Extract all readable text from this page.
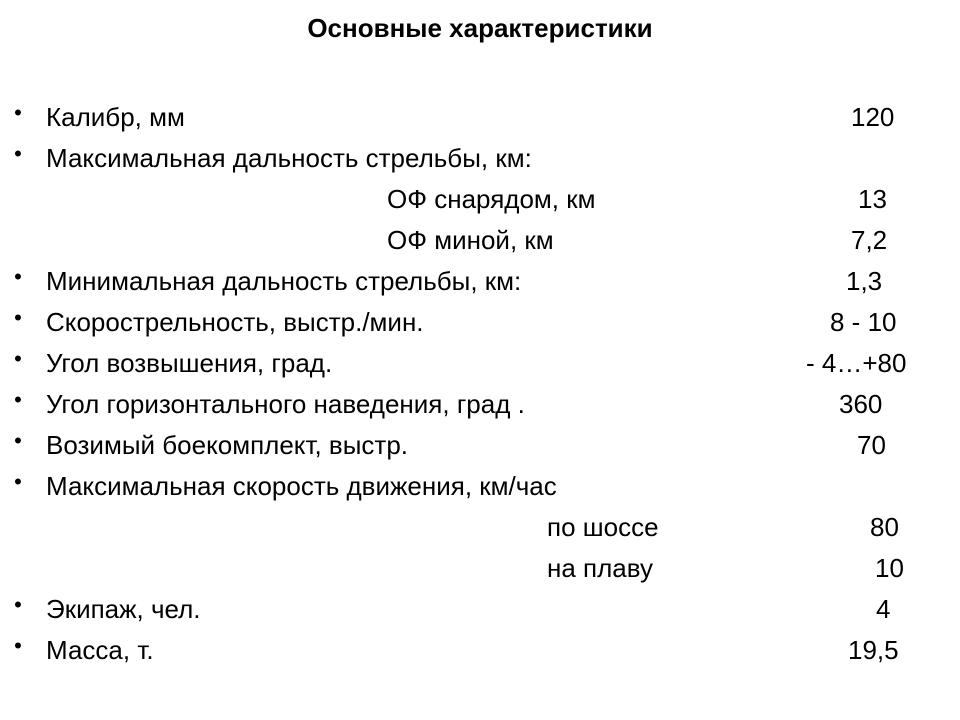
Основные характеристики
• Калибр, мм	120
• Максимальная дальность стрельбы, км:
ОФ снарядом, км	13
ОФ миной, км	7,2
• Минимальная дальность стрельбы, км:	1,3
• Скорострельность, выстр./мин.	8 - 10
• Угол возвышения, град.	- 4…+80
• Угол горизонтального наведения, град .	360
• Возимый боекомплект, выстр.	70
• Максимальная скорость движения, км/час
по шоссе	80
на плаву	10
• Экипаж, чел.	4
• Масса, т.	19,5
